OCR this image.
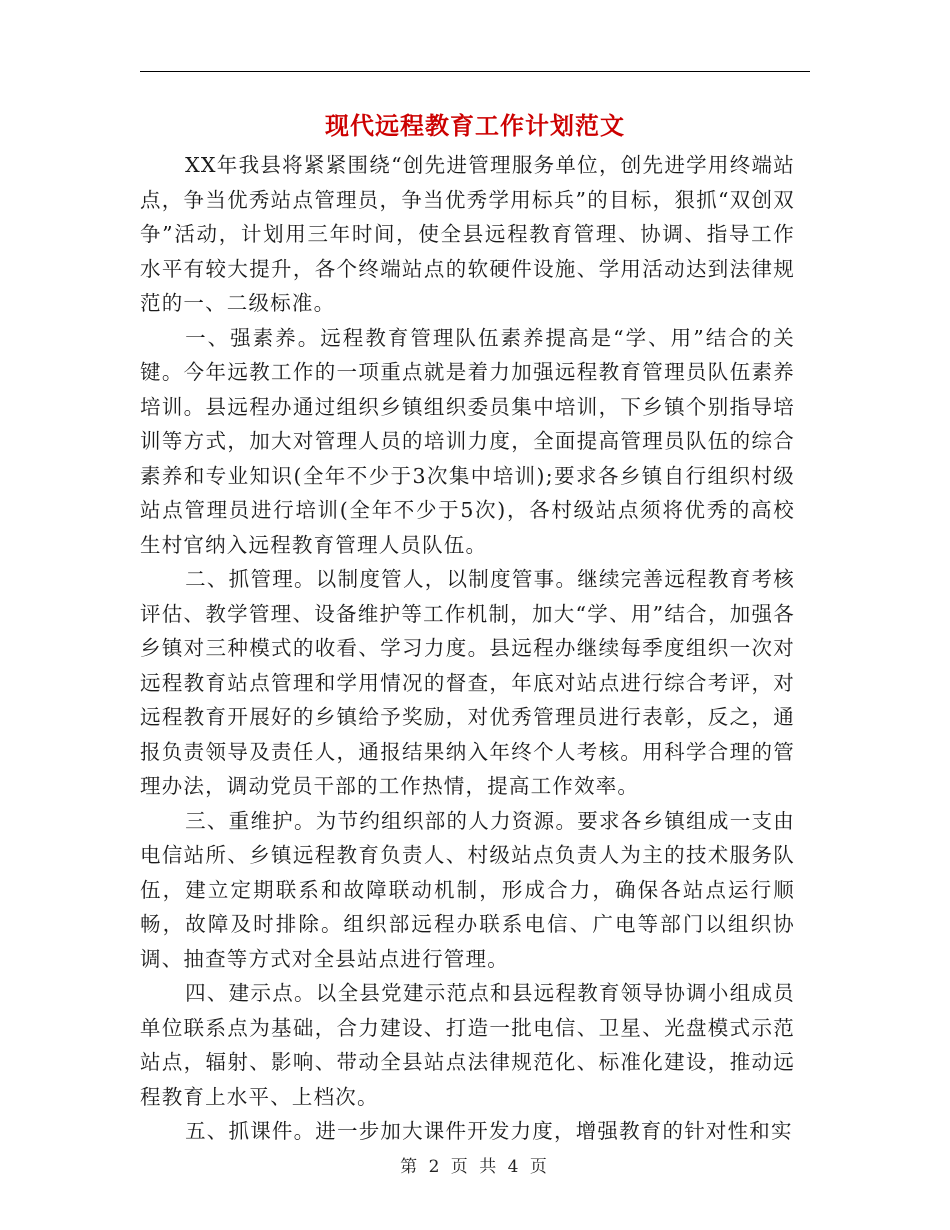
现代远程教育工作计划范文

XX年我县将紧紧围绕“创先进管理服务单位，创先进学用终端站点，争当优秀站点管理员，争当优秀学用标兵”的目标，狠抓“双创双争”活动，计划用三年时间，使全县远程教育管理、协调、指导工作水平有较大提升，各个终端站点的软硬件设施、学用活动达到法律规范的一、二级标准。

一、强素养。远程教育管理队伍素养提高是“学、用”结合的关键。今年远教工作的一项重点就是着力加强远程教育管理员队伍素养培训。县远程办通过组织乡镇组织委员集中培训，下乡镇个别指导培训等方式，加大对管理人员的培训力度，全面提高管理员队伍的综合素养和专业知识(全年不少于3次集中培训);要求各乡镇自行组织村级站点管理员进行培训(全年不少于5次)，各村级站点须将优秀的高校生村官纳入远程教育管理人员队伍。

二、抓管理。以制度管人，以制度管事。继续完善远程教育考核评估、教学管理、设备维护等工作机制，加大“学、用”结合，加强各乡镇对三种模式的收看、学习力度。县远程办继续每季度组织一次对远程教育站点管理和学用情况的督查，年底对站点进行综合考评，对远程教育开展好的乡镇给予奖励，对优秀管理员进行表彰，反之，通报负责领导及责任人，通报结果纳入年终个人考核。用科学合理的管理办法，调动党员干部的工作热情，提高工作效率。

三、重维护。为节约组织部的人力资源。要求各乡镇组成一支由电信站所、乡镇远程教育负责人、村级站点负责人为主的技术服务队伍，建立定期联系和故障联动机制，形成合力，确保各站点运行顺畅，故障及时排除。组织部远程办联系电信、广电等部门以组织协调、抽查等方式对全县站点进行管理。

四、建示点。以全县党建示范点和县远程教育领导协调小组成员单位联系点为基础，合力建设、打造一批电信、卫星、光盘模式示范站点，辐射、影响、带动全县站点法律规范化、标准化建设，推动远程教育上水平、上档次。

五、抓课件。进一步加大课件开发力度，增强教育的针对性和实

第 2 页 共 4 页
